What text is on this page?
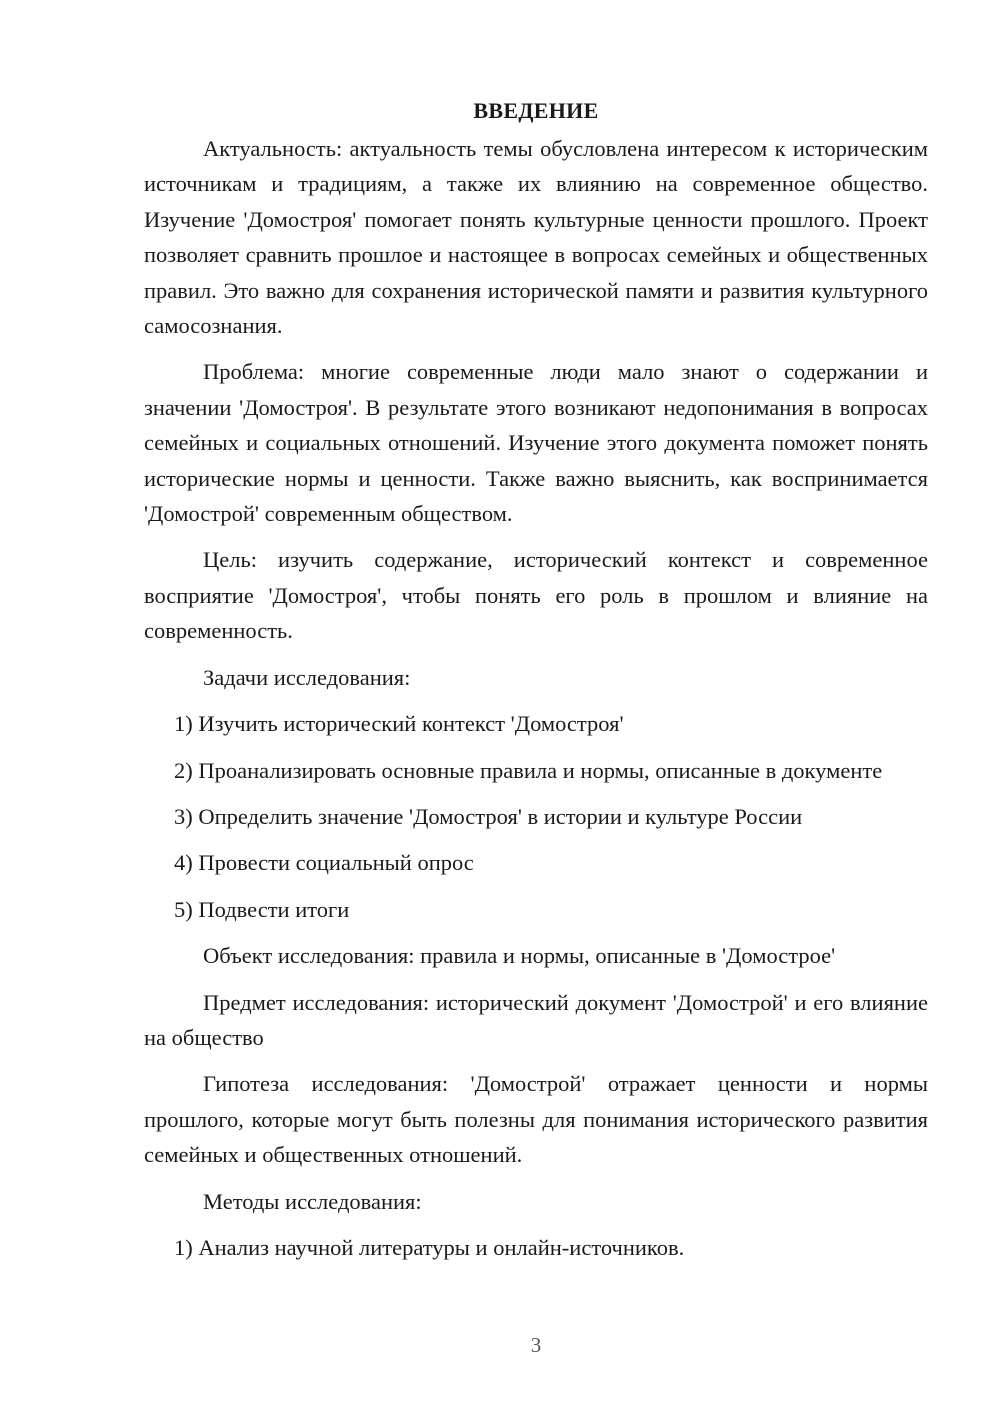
ВВЕДЕНИЕ

Актуальность: актуальность темы обусловлена интересом к историческим источникам и традициям, а также их влиянию на современное общество. Изучение 'Домостроя' помогает понять культурные ценности прошлого. Проект позволяет сравнить прошлое и настоящее в вопросах семейных и общественных правил. Это важно для сохранения исторической памяти и развития культурного самосознания.

Проблема: многие современные люди мало знают о содержании и значении 'Домостроя'. В результате этого возникают недопонимания в вопросах семейных и социальных отношений. Изучение этого документа поможет понять исторические нормы и ценности. Также важно выяснить, как воспринимается 'Домострой' современным обществом.

Цель: изучить содержание, исторический контекст и современное восприятие 'Домостроя', чтобы понять его роль в прошлом и влияние на современность.

Задачи исследования:

1) Изучить исторический контекст 'Домостроя'

2) Проанализировать основные правила и нормы, описанные в документе

3) Определить значение 'Домостроя' в истории и культуре России

4) Провести социальный опрос

5) Подвести итоги

Объект исследования: правила и нормы, описанные в 'Домострое'

Предмет исследования: исторический документ 'Домострой' и его влияние на общество

Гипотеза исследования: 'Домострой' отражает ценности и нормы прошлого, которые могут быть полезны для понимания исторического развития семейных и общественных отношений.

Методы исследования:

1) Анализ научной литературы и онлайн-источников.

3
